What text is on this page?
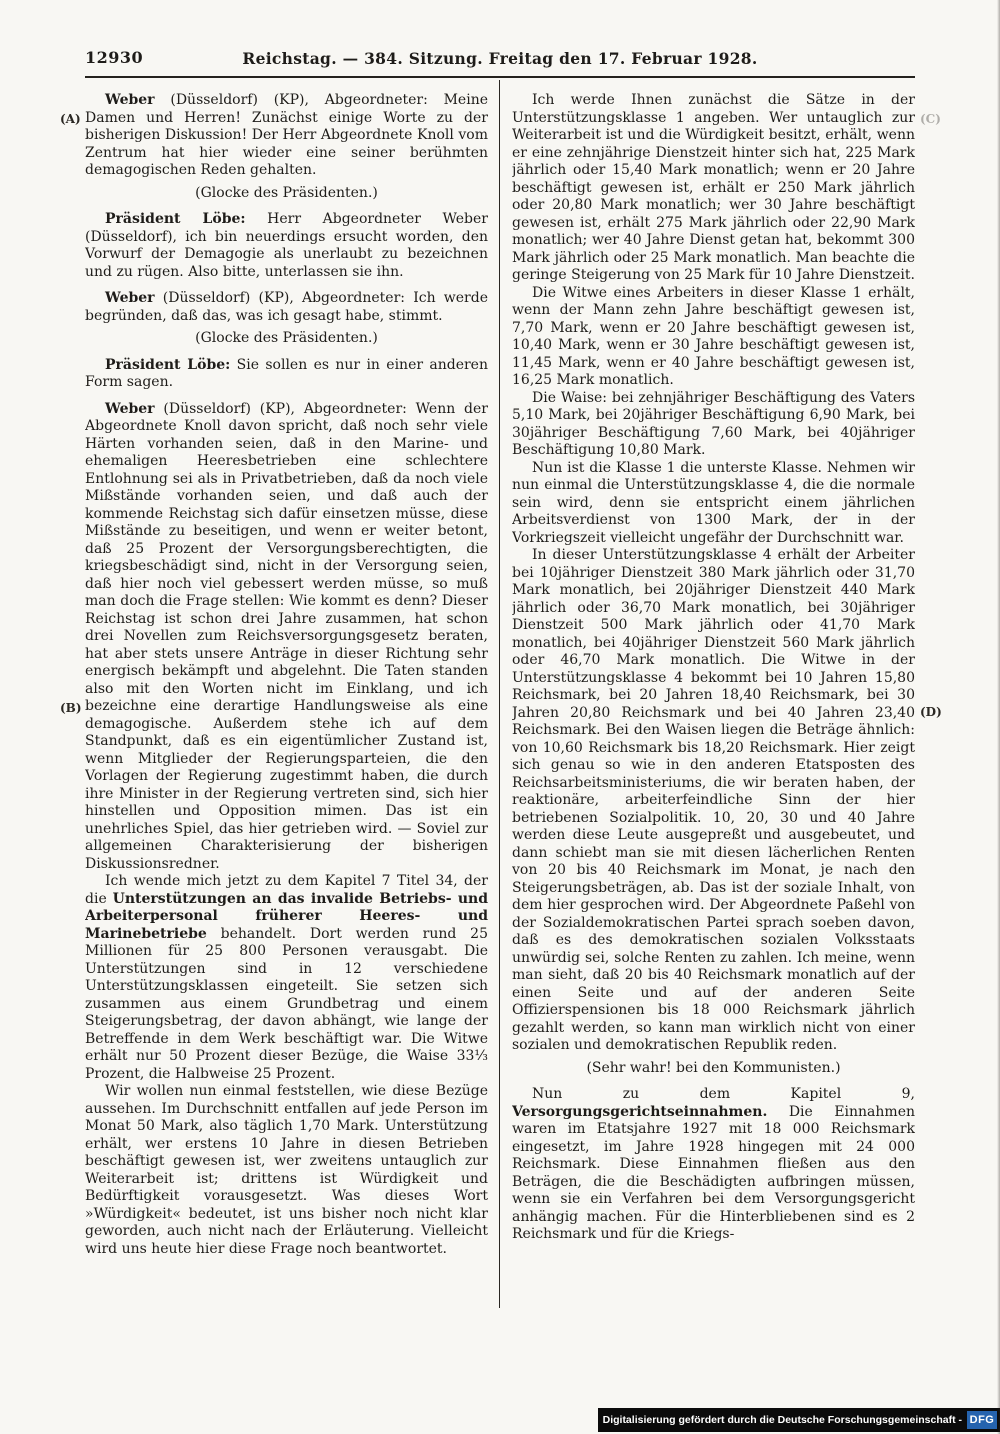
12930	Reichstag. — 384. Sitzung. Freitag den 17. Februar 1928.
(A)
(B)
(C)
(D)

Weber (Düsseldorf) (KP), Abgeordneter: Meine Damen und Herren! Zunächst einige Worte zu der bisherigen Diskussion! Der Herr Abgeordnete Knoll vom Zentrum hat hier wieder eine seiner berühmten demagogischen Reden gehalten.

(Glocke des Präsidenten.)

Präsident Löbe: Herr Abgeordneter Weber (Düsseldorf), ich bin neuerdings ersucht worden, den Vorwurf der Demagogie als unerlaubt zu bezeichnen und zu rügen. Also bitte, unterlassen sie ihn.

Weber (Düsseldorf) (KP), Abgeordneter: Ich werde begründen, daß das, was ich gesagt habe, stimmt.

(Glocke des Präsidenten.)

Präsident Löbe: Sie sollen es nur in einer anderen Form sagen.

Weber (Düsseldorf) (KP), Abgeordneter: Wenn der Abgeordnete Knoll davon spricht, daß noch sehr viele Härten vorhanden seien, daß in den Marine- und ehemaligen Heeresbetrieben eine schlechtere Entlohnung sei als in Privatbetrieben, daß da noch viele Mißstände vorhanden seien, und daß auch der kommende Reichstag sich dafür einsetzen müsse, diese Mißstände zu beseitigen, und wenn er weiter betont, daß 25 Prozent der Versorgungsberechtigten, die kriegsbeschädigt sind, nicht in der Versorgung seien, daß hier noch viel gebessert werden müsse, so muß man doch die Frage stellen: Wie kommt es denn? Dieser Reichstag ist schon drei Jahre zusammen, hat schon drei Novellen zum Reichsversorgungsgesetz beraten, hat aber stets unsere Anträge in dieser Richtung sehr energisch bekämpft und abgelehnt. Die Taten standen also mit den Worten nicht im Einklang, und ich bezeichne eine derartige Handlungsweise als eine demagogische. Außerdem stehe ich auf dem Standpunkt, daß es ein eigentümlicher Zustand ist, wenn Mitglieder der Regierungsparteien, die den Vorlagen der Regierung zugestimmt haben, die durch ihre Minister in der Regierung vertreten sind, sich hier hinstellen und Opposition mimen. Das ist ein unehrliches Spiel, das hier getrieben wird. — Soviel zur allgemeinen Charakterisierung der bisherigen Diskussionsredner.

Ich wende mich jetzt zu dem Kapitel 7 Titel 34, der die Unterstützungen an das invalide Betriebs- und Arbeiterpersonal früherer Heeres- und Marinebetriebe behandelt. Dort werden rund 25 Millionen für 25 800 Personen verausgabt. Die Unterstützungen sind in 12 verschiedene Unterstützungsklassen eingeteilt. Sie setzen sich zusammen aus einem Grundbetrag und einem Steigerungsbetrag, der davon abhängt, wie lange der Betreffende in dem Werk beschäftigt war. Die Witwe erhält nur 50 Prozent dieser Bezüge, die Waise 33⅓ Prozent, die Halbweise 25 Prozent.

Wir wollen nun einmal feststellen, wie diese Bezüge aussehen. Im Durchschnitt entfallen auf jede Person im Monat 50 Mark, also täglich 1,70 Mark. Unterstützung erhält, wer erstens 10 Jahre in diesen Betrieben beschäftigt gewesen ist, wer zweitens untauglich zur Weiterarbeit ist; drittens ist Würdigkeit und Bedürftigkeit vorausgesetzt. Was dieses Wort »Würdigkeit« bedeutet, ist uns bisher noch nicht klar geworden, auch nicht nach der Erläuterung. Vielleicht wird uns heute hier diese Frage noch beantwortet.

Ich werde Ihnen zunächst die Sätze in der Unterstützungsklasse 1 angeben. Wer untauglich zur Weiterarbeit ist und die Würdigkeit besitzt, erhält, wenn er eine zehnjährige Dienstzeit hinter sich hat, 225 Mark jährlich oder 15,40 Mark monatlich; wenn er 20 Jahre beschäftigt gewesen ist, erhält er 250 Mark jährlich oder 20,80 Mark monatlich; wer 30 Jahre beschäftigt gewesen ist, erhält 275 Mark jährlich oder 22,90 Mark monatlich; wer 40 Jahre Dienst getan hat, bekommt 300 Mark jährlich oder 25 Mark monatlich. Man beachte die geringe Steigerung von 25 Mark für 10 Jahre Dienstzeit.

Die Witwe eines Arbeiters in dieser Klasse 1 erhält, wenn der Mann zehn Jahre beschäftigt gewesen ist, 7,70 Mark, wenn er 20 Jahre beschäftigt gewesen ist, 10,40 Mark, wenn er 30 Jahre beschäftigt gewesen ist, 11,45 Mark, wenn er 40 Jahre beschäftigt gewesen ist, 16,25 Mark monatlich.

Die Waise: bei zehnjähriger Beschäftigung des Vaters 5,10 Mark, bei 20jähriger Beschäftigung 6,90 Mark, bei 30jähriger Beschäftigung 7,60 Mark, bei 40jähriger Beschäftigung 10,80 Mark.

Nun ist die Klasse 1 die unterste Klasse. Nehmen wir nun einmal die Unterstützungsklasse 4, die die normale sein wird, denn sie entspricht einem jährlichen Arbeitsverdienst von 1300 Mark, der in der Vorkriegszeit vielleicht ungefähr der Durchschnitt war.

In dieser Unterstützungsklasse 4 erhält der Arbeiter bei 10jähriger Dienstzeit 380 Mark jährlich oder 31,70 Mark monatlich, bei 20jähriger Dienstzeit 440 Mark jährlich oder 36,70 Mark monatlich, bei 30jähriger Dienstzeit 500 Mark jährlich oder 41,70 Mark monatlich, bei 40jähriger Dienstzeit 560 Mark jährlich oder 46,70 Mark monatlich. Die Witwe in der Unterstützungsklasse 4 bekommt bei 10 Jahren 15,80 Reichsmark, bei 20 Jahren 18,40 Reichsmark, bei 30 Jahren 20,80 Reichsmark und bei 40 Jahren 23,40 Reichsmark. Bei den Waisen liegen die Beträge ähnlich: von 10,60 Reichsmark bis 18,20 Reichsmark. Hier zeigt sich genau so wie in den anderen Etatsposten des Reichsarbeitsministeriums, die wir beraten haben, der reaktionäre, arbeiterfeindliche Sinn der hier betriebenen Sozialpolitik. 10, 20, 30 und 40 Jahre werden diese Leute ausgepreßt und ausgebeutet, und dann schiebt man sie mit diesen lächerlichen Renten von 20 bis 40 Reichsmark im Monat, je nach den Steigerungsbeträgen, ab. Das ist der soziale Inhalt, von dem hier gesprochen wird. Der Abgeordnete Paßehl von der Sozialdemokratischen Partei sprach soeben davon, daß es des demokratischen sozialen Volksstaats unwürdig sei, solche Renten zu zahlen. Ich meine, wenn man sieht, daß 20 bis 40 Reichsmark monatlich auf der einen Seite und auf der anderen Seite Offizierspensionen bis 18 000 Reichsmark jährlich gezahlt werden, so kann man wirklich nicht von einer sozialen und demokratischen Republik reden.

(Sehr wahr! bei den Kommunisten.)

Nun zu dem Kapitel 9, Versorgungsgerichtseinnahmen. Die Einnahmen waren im Etatsjahre 1927 mit 18 000 Reichsmark eingesetzt, im Jahre 1928 hingegen mit 24 000 Reichsmark. Diese Einnahmen fließen aus den Beträgen, die die Beschädigten aufbringen müssen, wenn sie ein Verfahren bei dem Versorgungsgericht anhängig machen. Für die Hinterbliebenen sind es 2 Reichsmark und für die Kriegs-

Digitalisierung gefördert durch die Deutsche Forschungsgemeinschaft - DFG
